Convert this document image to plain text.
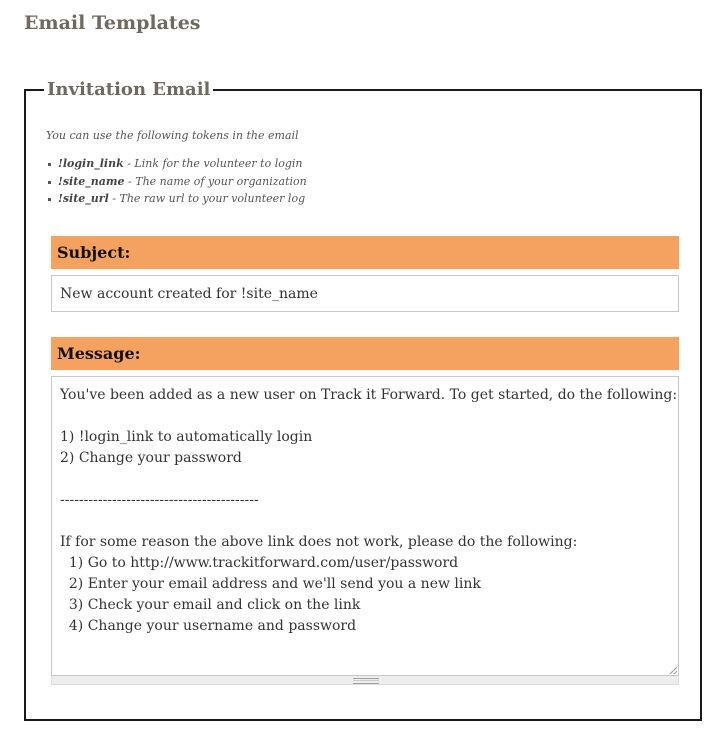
Email Templates
Invitation Email
You can use the following tokens in the email
!login_link - Link for the volunteer to login
!site_name - The name of your organization
!site_url - The raw url to your volunteer log
Subject:
New account created for !site_name
Message:
You've been added as a new user on Track it Forward. To get started, do the following: 1) !login_link to automatically login 2) Change your password ------------------------------------------ If for some reason the above link does not work, please do the following: 1) Go to http://www.trackitforward.com/user/password 2) Enter your email address and we'll send you a new link 3) Check your email and click on the link 4) Change your username and password
